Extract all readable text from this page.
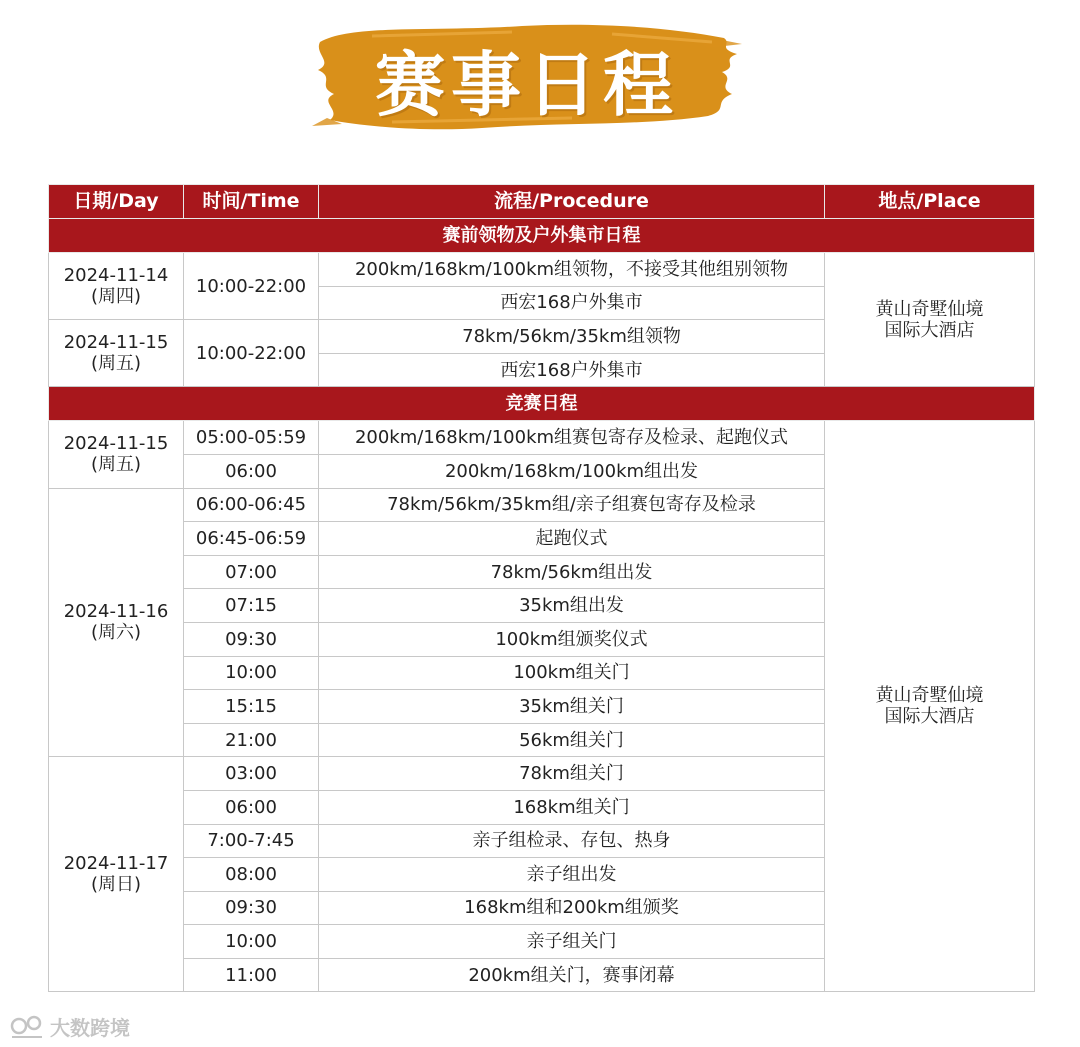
赛事日程
日期/Day	时间/Time	流程/Procedure	地点/Place
赛前领物及户外集市日程			
2024-11-14
(周四)	10:00-22:00	200km/168km/100km组领物，不接受其他组别领物	黄山奇墅仙境
国际大酒店
		西宏168户外集市	
2024-11-15
(周五)	10:00-22:00	78km/56km/35km组领物	
		西宏168户外集市	
竞赛日程			
2024-11-15
(周五)	05:00-05:59	200km/168km/100km组赛包寄存及检录、起跑仪式	黄山奇墅仙境
国际大酒店
	06:00	200km/168km/100km组出发	
2024-11-16
(周六)	06:00-06:45	78km/56km/35km组/亲子组赛包寄存及检录	
	06:45-06:59	起跑仪式	
	07:00	78km/56km组出发	
	07:15	35km组出发	
	09:30	100km组颁奖仪式	
	10:00	100km组关门	
	15:15	35km组关门	
	21:00	56km组关门	
2024-11-17
(周日)	03:00	78km组关门	
	06:00	168km组关门	
	7:00-7:45	亲子组检录、存包、热身	
	08:00	亲子组出发	
	09:30	168km组和200km组颁奖	
	10:00	亲子组关门	
	11:00	200km组关门，赛事闭幕	
大数跨境
